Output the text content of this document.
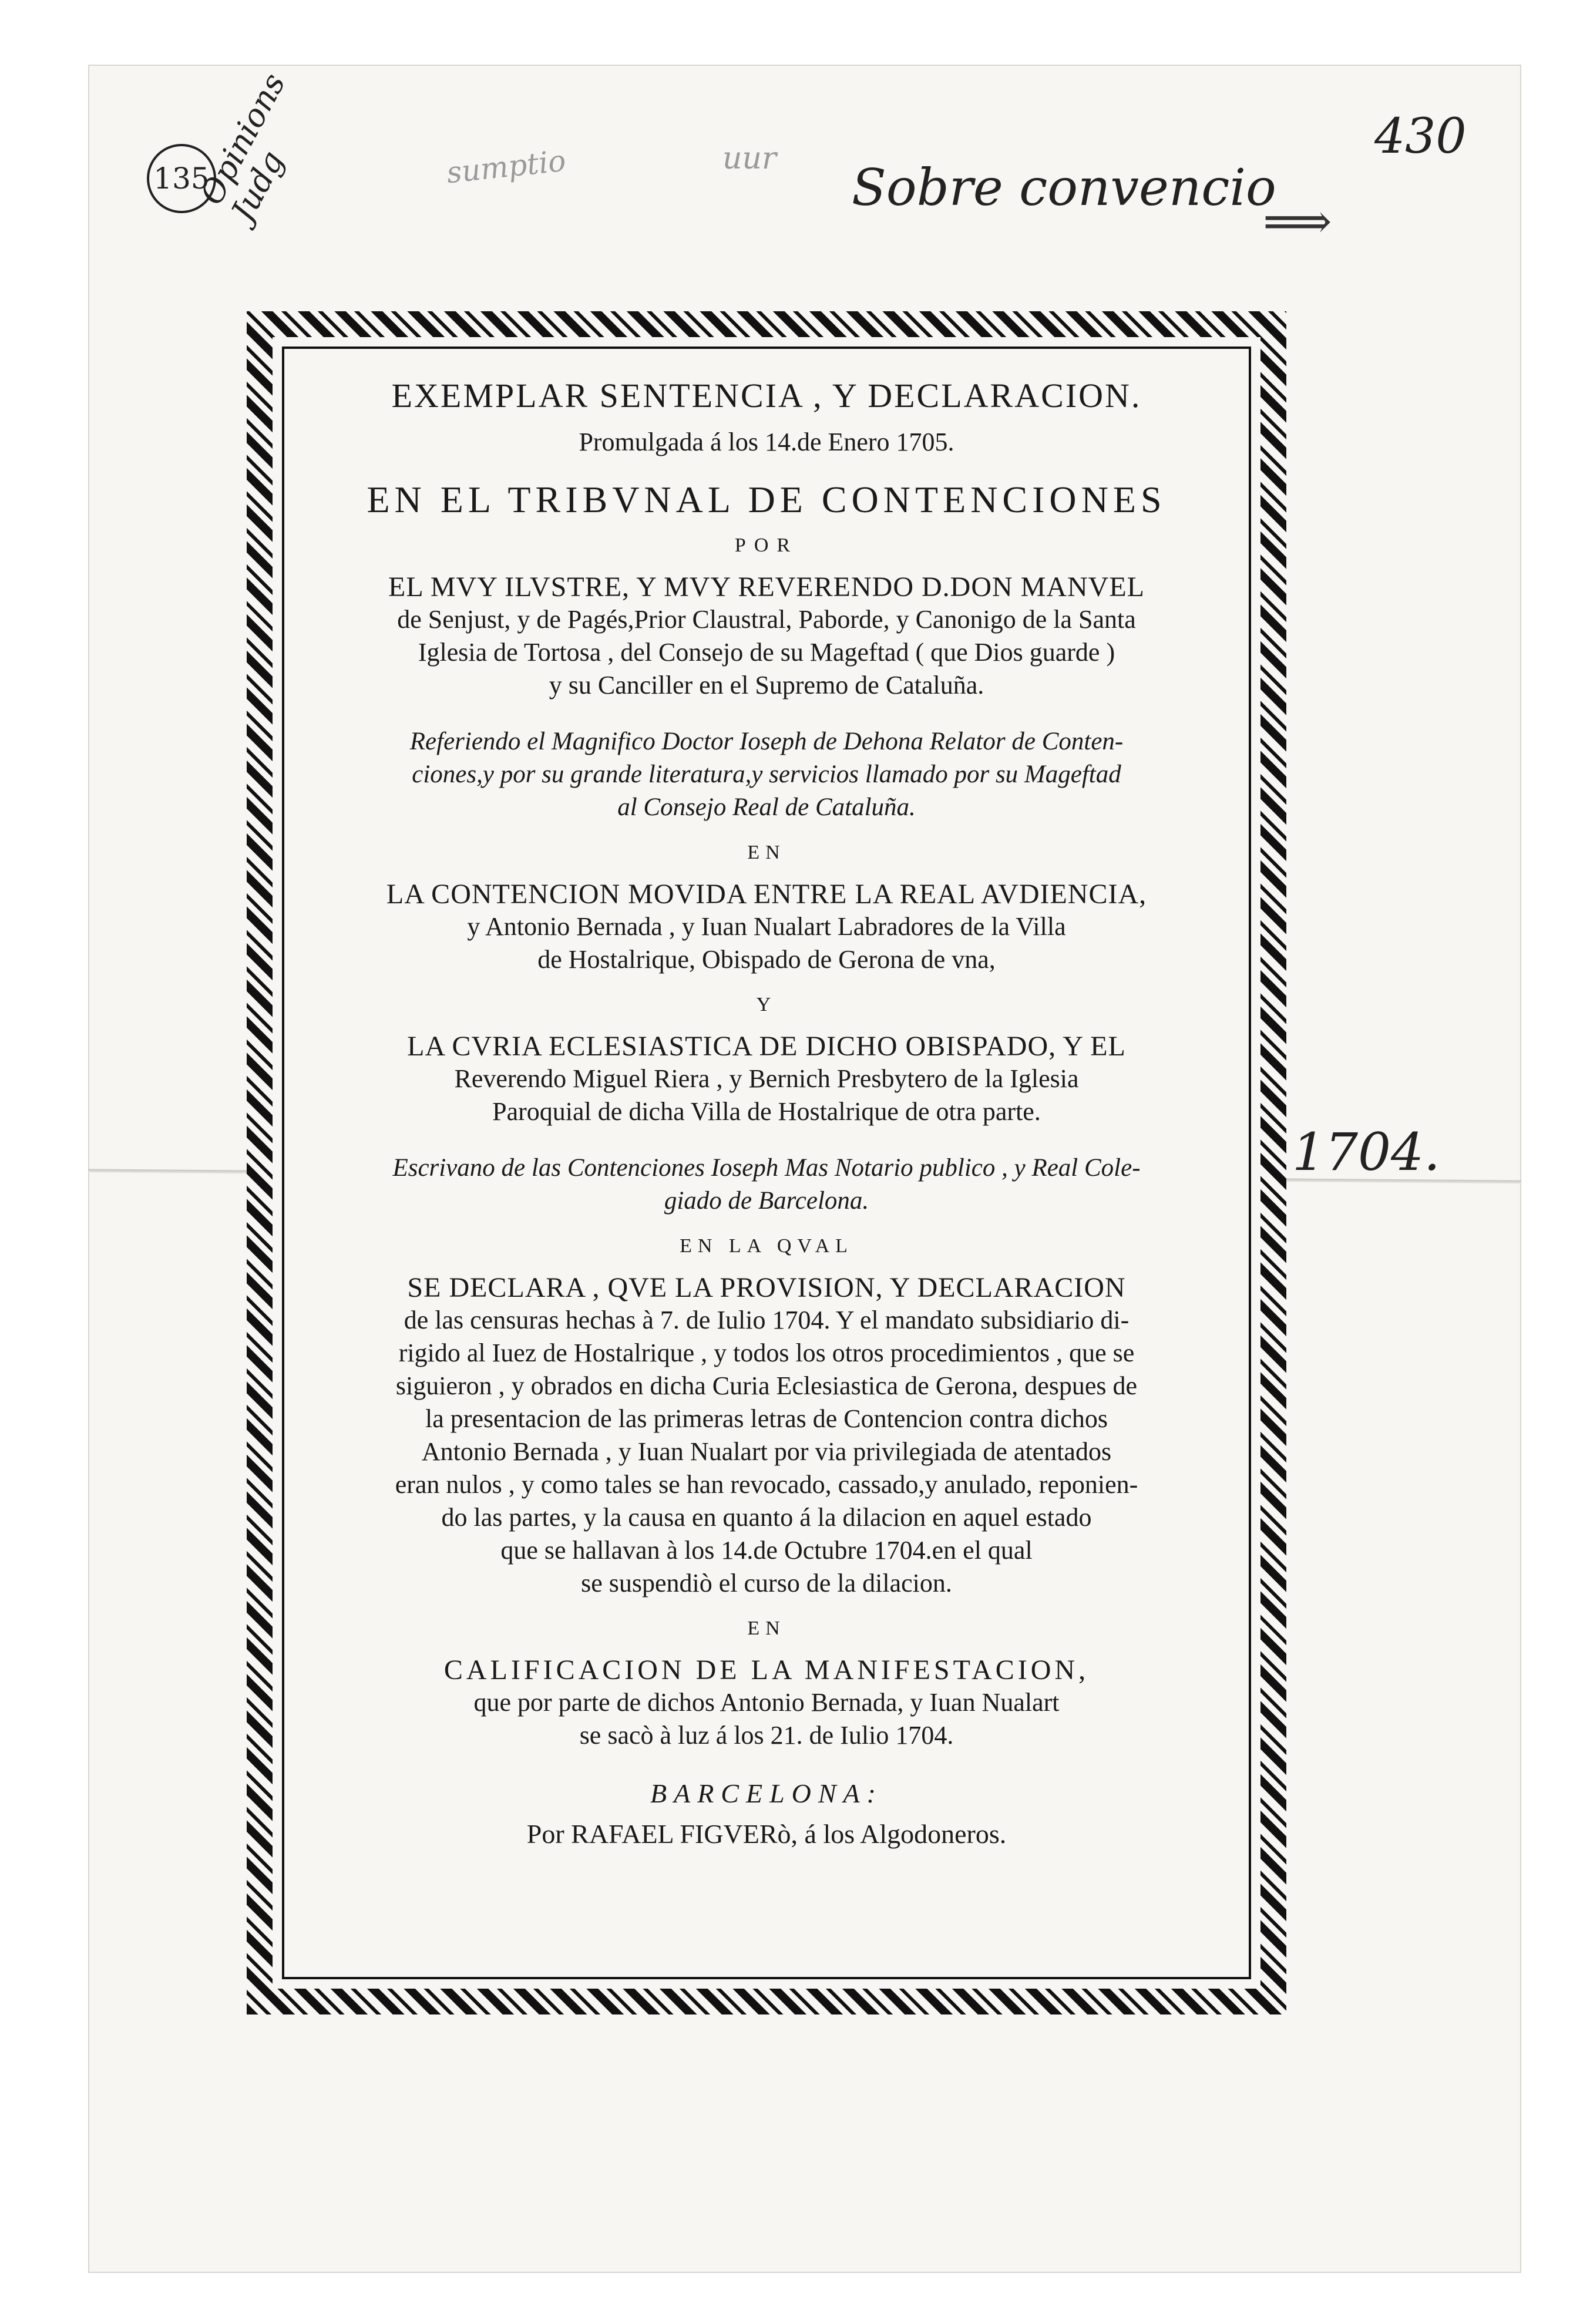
430
Sobre convencio
⟹
135
Opinions
Judg	sumptio	uur
1704.

EXEMPLAR SENTENCIA , Y DECLARACION.

Promulgada á los 14.de Enero 1705.

EN EL TRIBVNAL DE CONTENCIONES

POR

EL MVY ILVSTRE, Y MVY REVERENDO D.DON MANVEL

de Senjust, y de Pagés,Prior Claustral, Paborde, y Canonigo de la Santa

Iglesia de Tortosa , del Consejo de su Mageftad ( que Dios guarde )

y su Canciller en el Supremo de Cataluña.

Referiendo el Magnifico Doctor Ioseph de Dehona Relator de Conten-

ciones,y por su grande literatura,y servicios llamado por su Mageftad

al Consejo Real de Cataluña.

EN

LA CONTENCION MOVIDA ENTRE LA REAL AVDIENCIA,

y Antonio Bernada , y Iuan Nualart Labradores de la Villa

de Hostalrique, Obispado de Gerona de vna,

Y

LA CVRIA ECLESIASTICA DE DICHO OBISPADO, Y EL

Reverendo Miguel Riera , y Bernich Presbytero de la Iglesia

Paroquial de dicha Villa de Hostalrique de otra parte.

Escrivano de las Contenciones Ioseph Mas Notario publico , y Real Cole-

giado de Barcelona.

EN LA QVAL

SE DECLARA , QVE LA PROVISION, Y DECLARACION

de las censuras hechas à 7. de Iulio 1704. Y el mandato subsidiario di-

rigido al Iuez de Hostalrique , y todos los otros procedimientos , que se

siguieron , y obrados en dicha Curia Eclesiastica de Gerona, despues de

la presentacion de las primeras letras de Contencion contra dichos

Antonio Bernada , y Iuan Nualart por via privilegiada de atentados

eran nulos , y como tales se han revocado, cassado,y anulado, reponien-

do las partes, y la causa en quanto á la dilacion en aquel estado

que se hallavan à los 14.de Octubre 1704.en el qual

se suspendiò el curso de la dilacion.

EN

CALIFICACION DE LA MANIFESTACION,

que por parte de dichos Antonio Bernada, y Iuan Nualart

se sacò à luz á los 21. de Iulio 1704.

BARCELONA:

Por RAFAEL FIGVERò, á los Algodoneros.
